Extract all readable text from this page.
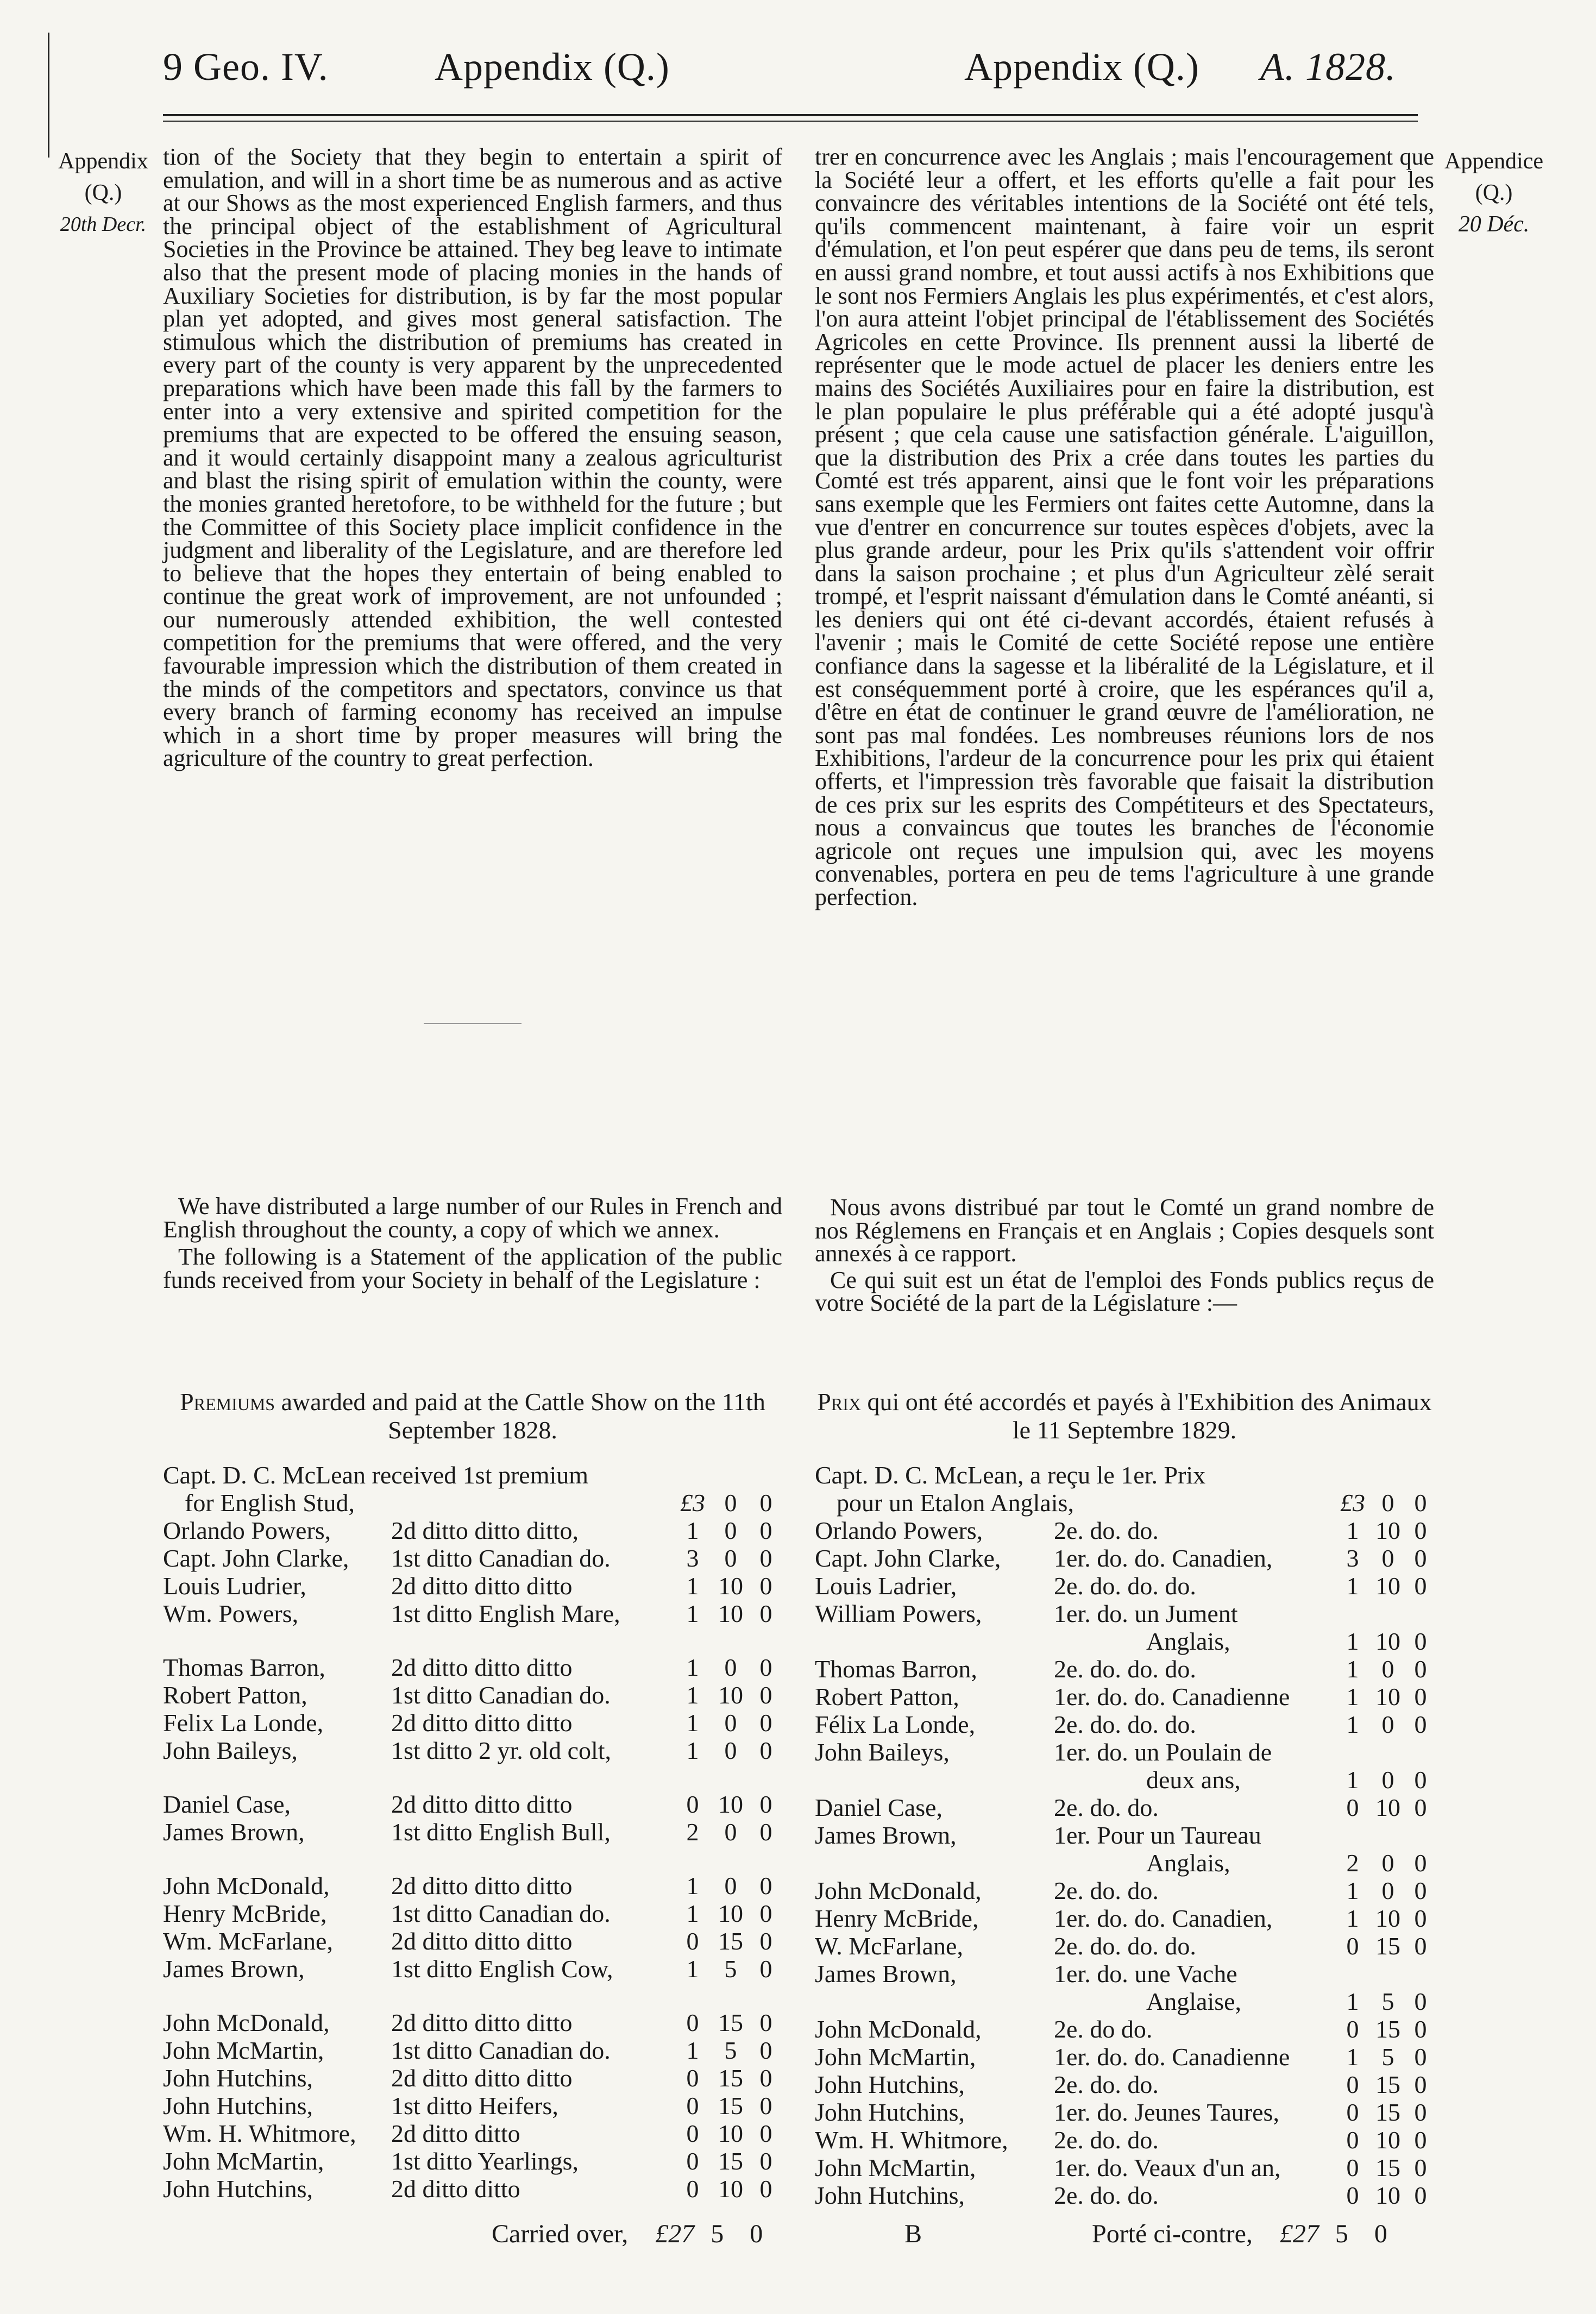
9 Geo. IV.	Appendix (Q.)	Appendix (Q.) A. 1828.
Appendix
(Q.)
20th Decr.
Appendice
(Q.)
20 Déc.

tion of the Society that they begin to entertain a spirit of emulation, and will in a short time be as numerous and as active at our Shows as the most experienced English farmers, and thus the principal object of the establishment of Agricultural Societies in the Province be attained. They beg leave to intimate also that the present mode of placing monies in the hands of Auxiliary Societies for distribution, is by far the most popular plan yet adopted, and gives most general satisfaction. The stimulous which the distribution of premiums has created in every part of the county is very apparent by the unprecedented preparations which have been made this fall by the farmers to enter into a very extensive and spirited competition for the premiums that are expected to be offered the ensuing season, and it would certainly disappoint many a zealous agriculturist and blast the rising spirit of emulation within the county, were the monies granted heretofore, to be withheld for the future ; but the Committee of this Society place implicit confidence in the judgment and liberality of the Legislature, and are therefore led to believe that the hopes they entertain of being enabled to continue the great work of improvement, are not unfounded ; our numerously attended exhibition, the well contested competition for the premiums that were offered, and the very favourable impression which the distribution of them created in the minds of the competitors and spectators, convince us that every branch of farming economy has received an impulse which in a short time by proper measures will bring the agriculture of the country to great perfection.

We have distributed a large number of our Rules in French and English throughout the county, a copy of which we annex.

The following is a Statement of the application of the public funds received from your Society in behalf of the Legislature :

trer en concurrence avec les Anglais ; mais l'encouragement que la Société leur a offert, et les efforts qu'elle a fait pour les convaincre des véritables intentions de la Société ont été tels, qu'ils commencent maintenant, à faire voir un esprit d'émulation, et l'on peut espérer que dans peu de tems, ils seront en aussi grand nombre, et tout aussi actifs à nos Exhibitions que le sont nos Fermiers Anglais les plus expérimentés, et c'est alors, l'on aura atteint l'objet principal de l'établissement des Sociétés Agricoles en cette Province. Ils prennent aussi la liberté de représenter que le mode actuel de placer les deniers entre les mains des Sociétés Auxiliaires pour en faire la distribution, est le plan populaire le plus préférable qui a été adopté jusqu'à présent ; que cela cause une satisfaction générale. L'aiguillon, que la distribution des Prix a crée dans toutes les parties du Comté est trés apparent, ainsi que le font voir les préparations sans exemple que les Fermiers ont faites cette Automne, dans la vue d'entrer en concurrence sur toutes espèces d'objets, avec la plus grande ardeur, pour les Prix qu'ils s'attendent voir offrir dans la saison prochaine ; et plus d'un Agriculteur zèlé serait trompé, et l'esprit naissant d'émulation dans le Comté anéanti, si les deniers qui ont été ci-devant accordés, étaient refusés à l'avenir ; mais le Comité de cette Société repose une entière confiance dans la sagesse et la libéralité de la Législature, et il est conséquemment porté à croire, que les espérances qu'il a, d'être en état de continuer le grand œuvre de l'amélioration, ne sont pas mal fondées. Les nombreuses réunions lors de nos Exhibitions, l'ardeur de la concurrence pour les prix qui étaient offerts, et l'impression très favorable que faisait la distribution de ces prix sur les esprits des Compétiteurs et des Spectateurs, nous a convaincus que toutes les branches de l'économie agricole ont reçues une impulsion qui, avec les moyens convenables, portera en peu de tems l'agriculture à une grande perfection.

Nous avons distribué par tout le Comté un grand nombre de nos Réglemens en Français et en Anglais ; Copies desquels sont annexés à ce rapport.

Ce qui suit est un état de l'emploi des Fonds publics reçus de votre Société de la part de la Législature :—

Premiums awarded and paid at the Cattle Show on the 11th September 1828.
Prix qui ont été accordés et payés à l'Exhibition des Animaux le 11 Septembre 1829.
Capt. D. C. McLean received 1st premium				
for English Stud,		£3	0	0
Orlando Powers,	2d ditto ditto ditto,	1	0	0
Capt. John Clarke,	1st ditto Canadian do.	3	0	0
Louis Ludrier,	2d ditto ditto ditto	1	10	0
Wm. Powers,	1st ditto English Mare,	1	10	0

Thomas Barron,	2d ditto ditto ditto	1	0	0
Robert Patton,	1st ditto Canadian do.	1	10	0
Felix La Londe,	2d ditto ditto ditto	1	0	0
John Baileys,	1st ditto 2 yr. old colt,	1	0	0

Daniel Case,	2d ditto ditto ditto	0	10	0
James Brown,	1st ditto English Bull,	2	0	0

John McDonald,	2d ditto ditto ditto	1	0	0
Henry McBride,	1st ditto Canadian do.	1	10	0
Wm. McFarlane,	2d ditto ditto ditto	0	15	0
James Brown,	1st ditto English Cow,	1	5	0

John McDonald,	2d ditto ditto ditto	0	15	0
John McMartin,	1st ditto Canadian do.	1	5	0
John Hutchins,	2d ditto ditto ditto	0	15	0
John Hutchins,	1st ditto Heifers,	0	15	0
Wm. H. Whitmore,	2d ditto ditto	0	10	0
John McMartin,	1st ditto Yearlings,	0	15	0
John Hutchins,	2d ditto ditto	0	10	0
Capt. D. C. McLean, a reçu le 1er. Prix				
pour un Etalon Anglais,		£3	0	0
Orlando Powers,	2e. do. do.	1	10	0
Capt. John Clarke,	1er. do. do. Canadien,	3	0	0
Louis Ladrier,	2e. do. do. do.	1	10	0
William Powers,	1er. do. un Jument			
	Anglais,	1	10	0
Thomas Barron,	2e. do. do. do.	1	0	0
Robert Patton,	1er. do. do. Canadienne	1	10	0
Félix La Londe,	2e. do. do. do.	1	0	0
John Baileys,	1er. do. un Poulain de			
	deux ans,	1	0	0
Daniel Case,	2e. do. do.	0	10	0
James Brown,	1er. Pour un Taureau			
	Anglais,	2	0	0
John McDonald,	2e. do. do.	1	0	0
Henry McBride,	1er. do. do. Canadien,	1	10	0
W. McFarlane,	2e. do. do. do.	0	15	0
James Brown,	1er. do. une Vache			
	Anglaise,	1	5	0
John McDonald,	2e. do do.	0	15	0
John McMartin,	1er. do. do. Canadienne	1	5	0
John Hutchins,	2e. do. do.	0	15	0
John Hutchins,	1er. do. Jeunes Taures,	0	15	0
Wm. H. Whitmore,	2e. do. do.	0	10	0
John McMartin,	1er. do. Veaux d'un an,	0	15	0
John Hutchins,	2e. do. do.	0	10	0
Carried over, £27 5 0	B	Porté ci-contre, £27 5 0
